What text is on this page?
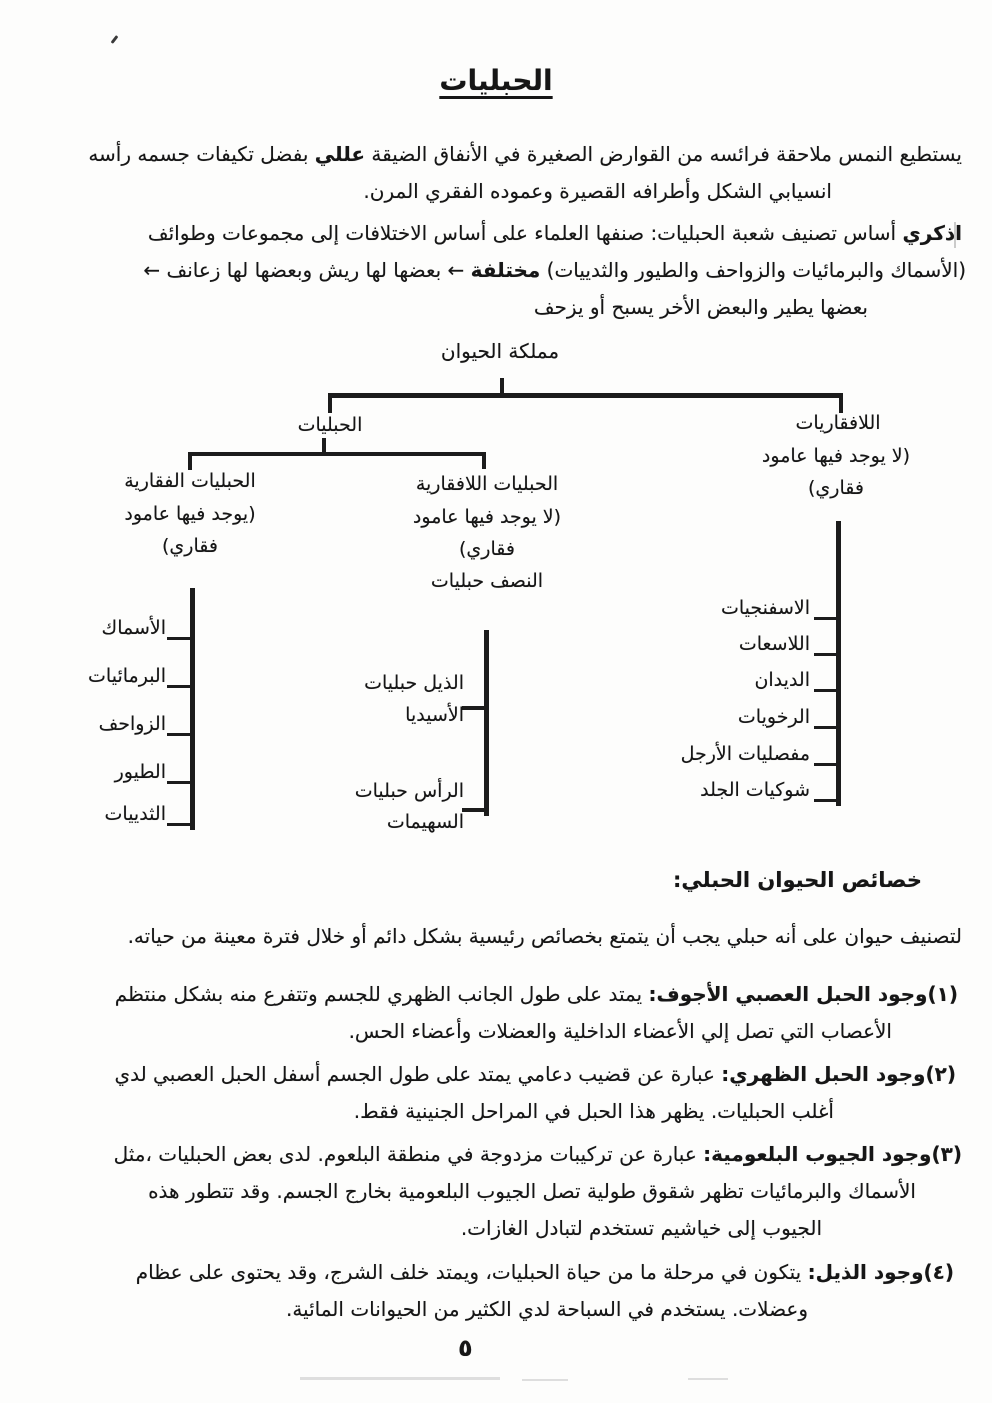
الحبليات
يستطيع النمس ملاحقة فرائسه من القوارض الصغيرة في الأنفاق الضيقة عللي بفضل تكيفات جسمه رأسه
انسيابي الشكل وأطرافه القصيرة وعموده الفقري المرن.
اذكري أساس تصنيف شعبة الحبليات: صنفها العلماء على أساس الاختلافات إلى مجموعات وطوائف
(الأسماك والبرمائيات والزواحف والطيور والثدييات) مختلفة ← بعضها لها ريش وبعضها لها زعانف ←
بعضها يطير والبعض الأخر يسبح أو يزحف
مملكة الحيوان
الحبليات	اللافقاريات
(لا يوجد فيها عامود
فقاري)
الحبليات الفقارية
(يوجد فيها عامود
فقاري)
الحبليات اللافقارية
(لا يوجد فيها عامود
فقاري)
النصف حبليات
الأسماك
البرمائيات
الزواحف
الطيور
الثدييات
الذيل حبليات
الأسيديا
الرأس حبليات
السهيمات
الاسفنجيات
اللاسعات
الديدان
الرخويات
مفصليات الأرجل
شوكيات الجلد
خصائص الحيوان الحبلي:
لتصنيف حيوان على أنه حبلي يجب أن يتمتع بخصائص رئيسية بشكل دائم أو خلال فترة معينة من حياته.
(١)وجود الحبل العصبي الأجوف: يمتد على طول الجانب الظهري للجسم وتتفرع منه بشكل منتظم
الأعصاب التي تصل إلي الأعضاء الداخلية والعضلات وأعضاء الحس.
(٢)وجود الحبل الظهري: عبارة عن قضيب دعامي يمتد على طول الجسم أسفل الحبل العصبي لدي
أغلب الحبليات. يظهر هذا الحبل في المراحل الجنينية فقط.
(٣)وجود الجيوب البلعومية: عبارة عن تركيبات مزدوجة في منطقة البلعوم. لدى بعض الحبليات ،مثل
الأسماك والبرمائيات تظهر شقوق طولية تصل الجيوب البلعومية بخارج الجسم. وقد تتطور هذه
الجيوب إلى خياشيم تستخدم لتبادل الغازات.
(٤)وجود الذيل: يتكون في مرحلة ما من حياة الحبليات، ويمتد خلف الشرج، وقد يحتوى على عظام
وعضلات. يستخدم في السباحة لدي الكثير من الحيوانات المائية.
٥
